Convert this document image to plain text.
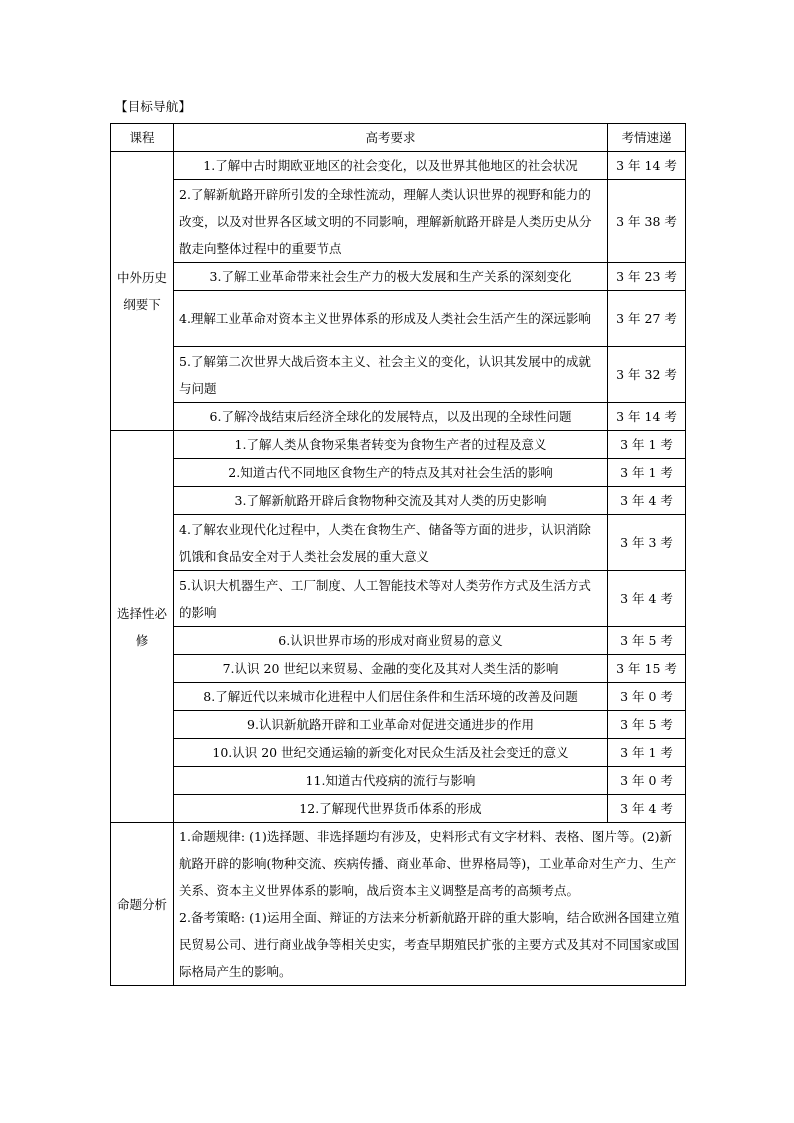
【目标导航】
课程	高考要求	考情速递
中外历史纲要下	1.了解中古时期欧亚地区的社会变化，以及世界其他地区的社会状况	3 年 14 考
	2.了解新航路开辟所引发的全球性流动，理解人类认识世界的视野和能力的改变，以及对世界各区域文明的不同影响，理解新航路开辟是人类历史从分散走向整体过程中的重要节点	3 年 38 考
	3.了解工业革命带来社会生产力的极大发展和生产关系的深刻变化	3 年 23 考
	4.理解工业革命对资本主义世界体系的形成及人类社会生活产生的深远影响	3 年 27 考
	5.了解第二次世界大战后资本主义、社会主义的变化，认识其发展中的成就与问题	3 年 32 考
	6.了解冷战结束后经济全球化的发展特点，以及出现的全球性问题	3 年 14 考
选择性必修	1.了解人类从食物采集者转变为食物生产者的过程及意义	3 年 1 考
	2.知道古代不同地区食物生产的特点及其对社会生活的影响	3 年 1 考
	3.了解新航路开辟后食物物种交流及其对人类的历史影响	3 年 4 考
	4.了解农业现代化过程中，人类在食物生产、储备等方面的进步，认识消除饥饿和食品安全对于人类社会发展的重大意义	3 年 3 考
	5.认识大机器生产、工厂制度、人工智能技术等对人类劳作方式及生活方式的影响	3 年 4 考
	6.认识世界市场的形成对商业贸易的意义	3 年 5 考
	7.认识 20 世纪以来贸易、金融的变化及其对人类生活的影响	3 年 15 考
	8.了解近代以来城市化进程中人们居住条件和生活环境的改善及问题	3 年 0 考
	9.认识新航路开辟和工业革命对促进交通进步的作用	3 年 5 考
	10.认识 20 世纪交通运输的新变化对民众生活及社会变迁的意义	3 年 1 考
	11.知道古代疫病的流行与影响	3 年 0 考
	12.了解现代世界货币体系的形成	3 年 4 考
命题分析	1.命题规律: (1)选择题、非选择题均有涉及，史料形式有文字材料、表格、图片等。(2)新航路开辟的影响(物种交流、疾病传播、商业革命、世界格局等)，工业革命对生产力、生产关系、资本主义世界体系的影响，战后资本主义调整是高考的高频考点。

2.备考策略: (1)运用全面、辩证的方法来分析新航路开辟的重大影响，结合欧洲各国建立殖民贸易公司、进行商业战争等相关史实，考查早期殖民扩张的主要方式及其对不同国家或国际格局产生的影响。	
